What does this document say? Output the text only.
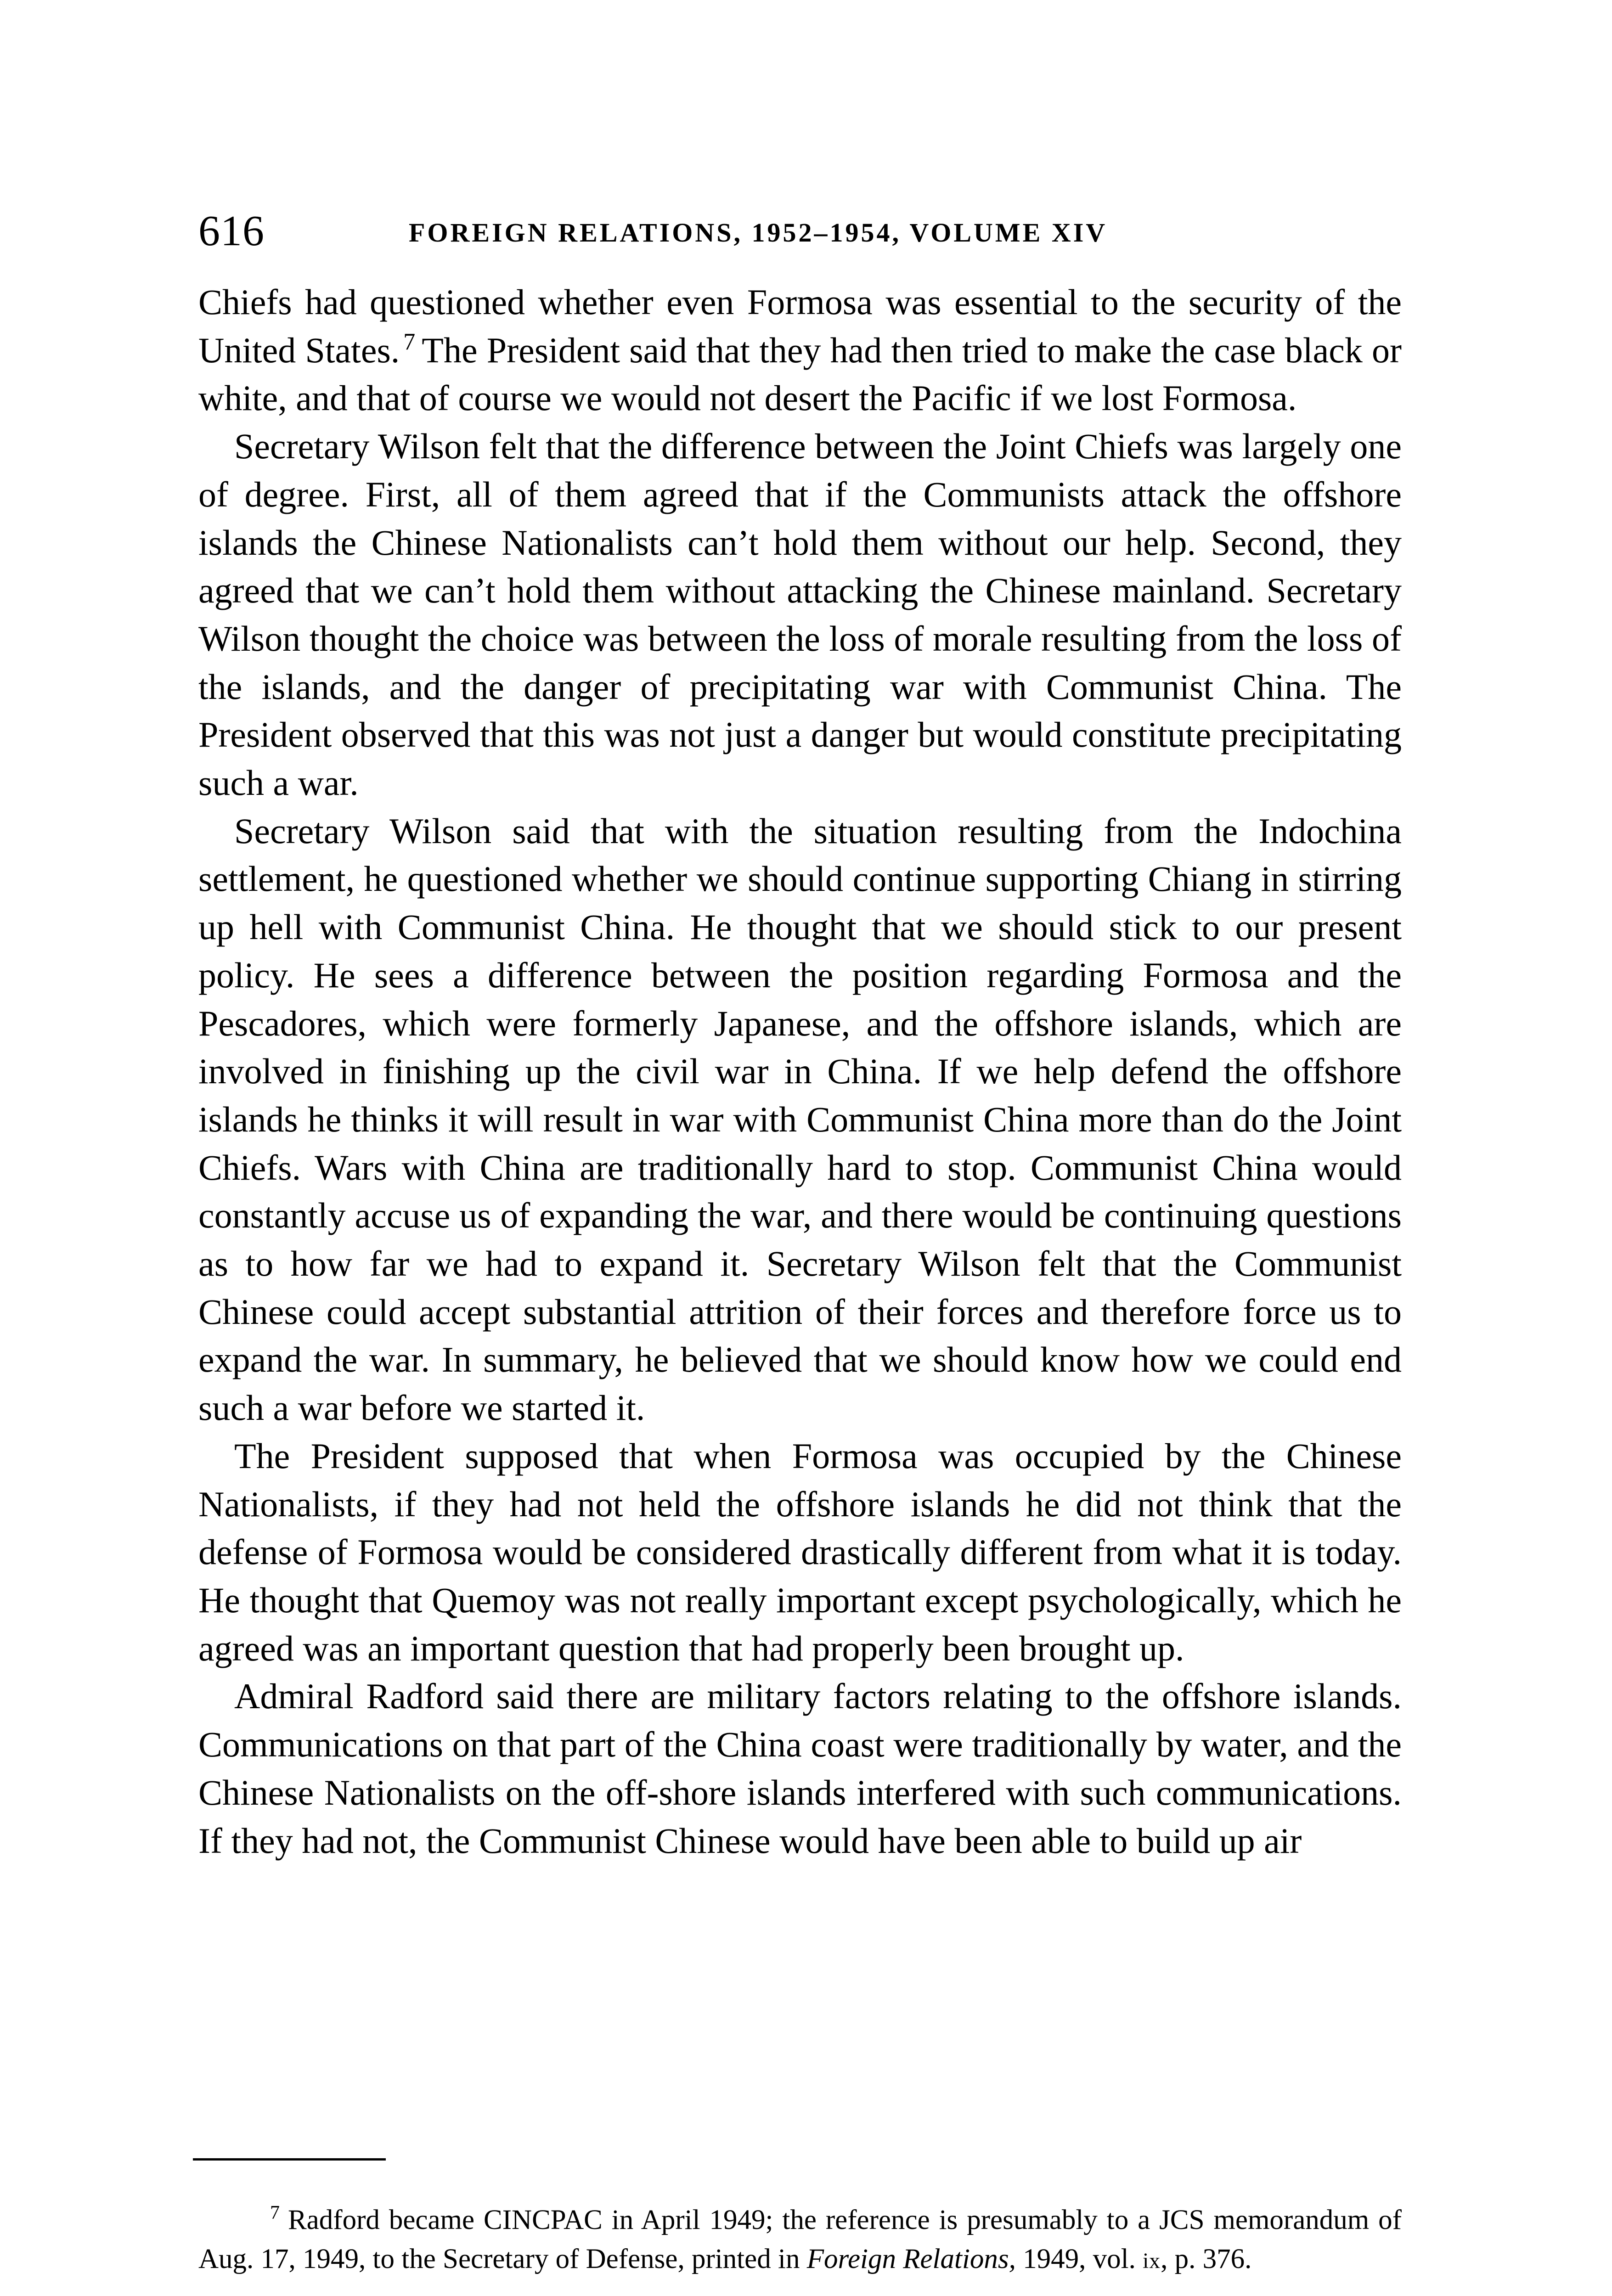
616	FOREIGN RELATIONS, 1952–1954, VOLUME XIV

Chiefs had questioned whether even Formosa was essential to the security of the United States. 7 The President said that they had then tried to make the case black or white, and that of course we would not desert the Pacific if we lost Formosa.

Secretary Wilson felt that the difference between the Joint Chiefs was largely one of degree. First, all of them agreed that if the Communists attack the offshore islands the Chinese Nationalists can’t hold them without our help. Second, they agreed that we can’t hold them without attacking the Chinese mainland. Secretary Wilson thought the choice was between the loss of morale resulting from the loss of the islands, and the danger of precipitating war with Communist China. The President observed that this was not just a danger but would constitute precipitating such a war.

Secretary Wilson said that with the situation resulting from the Indochina settlement, he questioned whether we should continue supporting Chiang in stirring up hell with Communist China. He thought that we should stick to our present policy. He sees a difference between the position regarding Formosa and the Pescadores, which were formerly Japanese, and the offshore islands, which are involved in finishing up the civil war in China. If we help defend the offshore islands he thinks it will result in war with Communist China more than do the Joint Chiefs. Wars with China are traditionally hard to stop. Communist China would constantly accuse us of expanding the war, and there would be continuing questions as to how far we had to expand it. Secretary Wilson felt that the Communist Chinese could accept substantial attrition of their forces and therefore force us to expand the war. In summary, he believed that we should know how we could end such a war before we started it.

The President supposed that when Formosa was occupied by the Chinese Nationalists, if they had not held the offshore islands he did not think that the defense of Formosa would be considered drastically different from what it is today. He thought that Quemoy was not really important except psychologically, which he agreed was an important question that had properly been brought up.

Admiral Radford said there are military factors relating to the offshore islands. Communications on that part of the China coast were traditionally by water, and the Chinese Nationalists on the off-shore islands interfered with such communications. If they had not, the Communist Chinese would have been able to build up air

7 Radford became CINCPAC in April 1949; the reference is presumably to a JCS memorandum of Aug. 17, 1949, to the Secretary of Defense, printed in Foreign Relations, 1949, vol. ix, p. 376.
